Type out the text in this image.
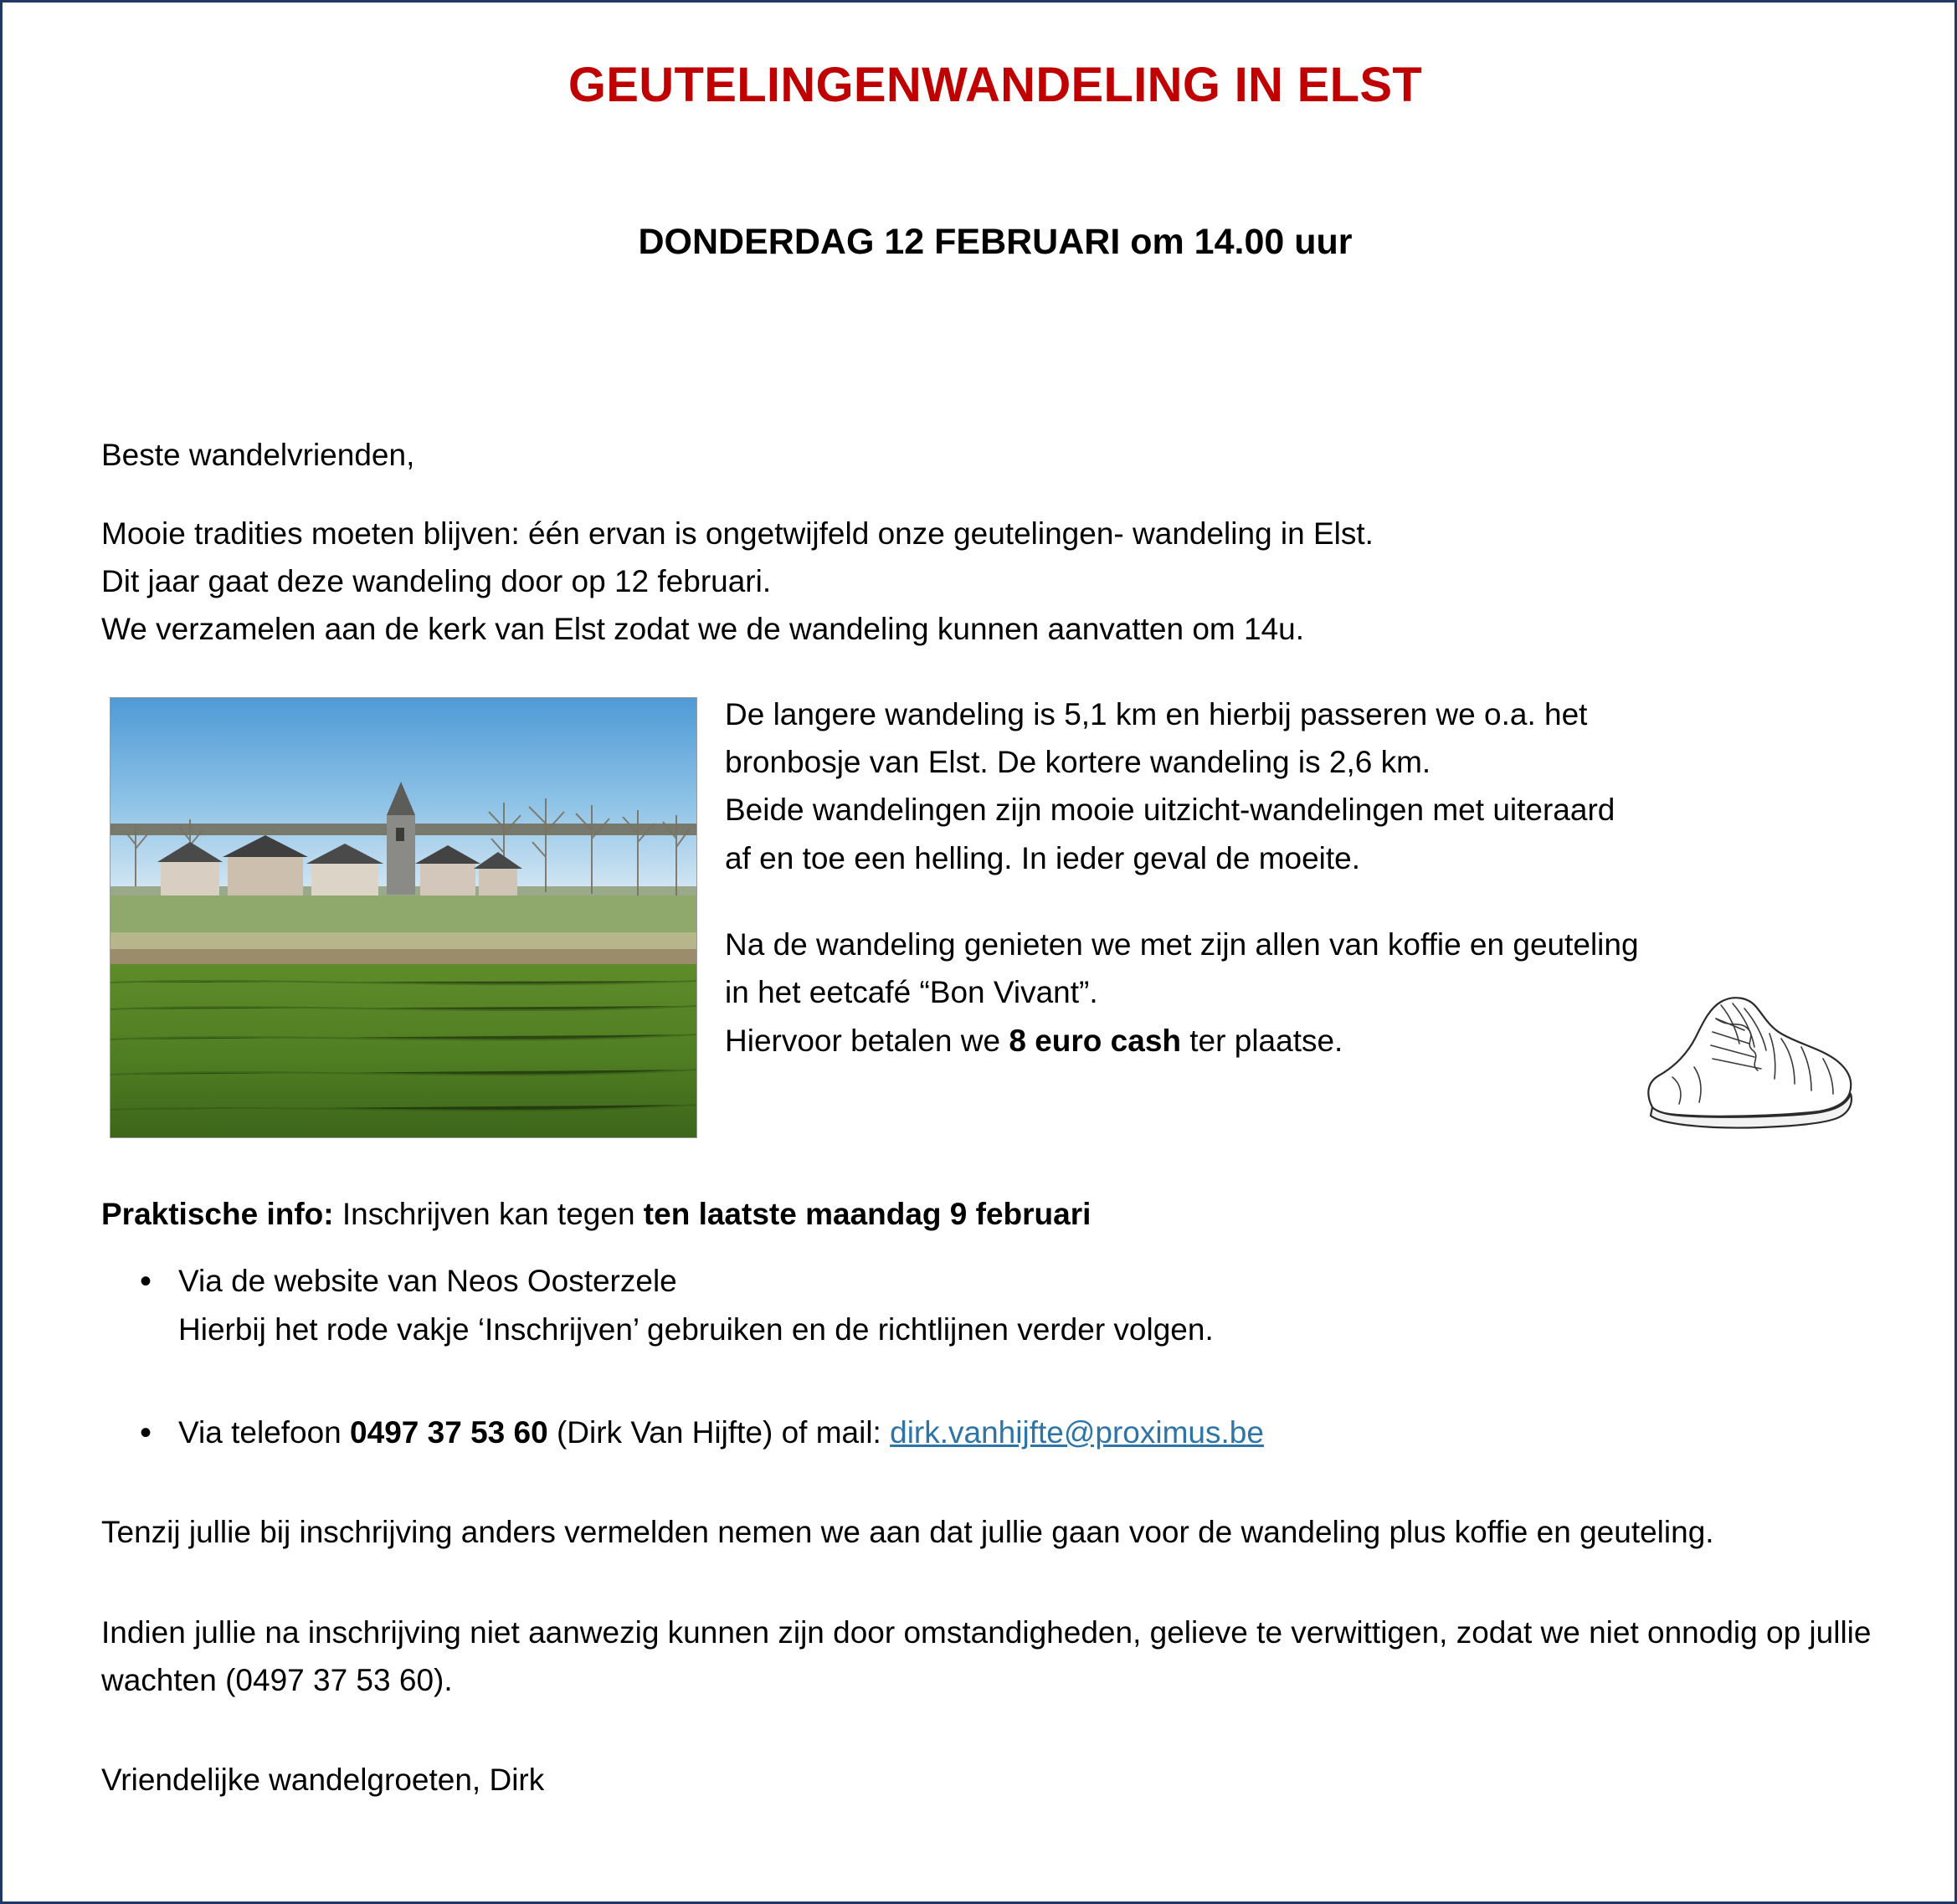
GEUTELINGENWANDELING IN ELST
DONDERDAG 12 FEBRUARI om 14.00 uur
Beste wandelvrienden,
Mooie tradities moeten blijven: één ervan is ongetwijfeld onze geutelingen- wandeling in Elst.
Dit jaar gaat deze wandeling door op 12 februari.
We verzamelen aan de kerk van Elst zodat we de wandeling kunnen aanvatten om 14u.

De langere wandeling is 5,1 km en hierbij passeren we o.a. het

bronbosje van Elst. De kortere wandeling is 2,6 km.

Beide wandelingen zijn mooie uitzicht-wandelingen met uiteraard

af en toe een helling. In ieder geval de moeite.

Na de wandeling genieten we met zijn allen van koffie en geuteling

in het eetcafé “Bon Vivant”.

Hiervoor betalen we 8 euro cash ter plaatse.

Praktische info: Inschrijven kan tegen ten laatste maandag 9 februari
• Via de website van Neos Oosterzele
Hierbij het rode vakje ‘Inschrijven’ gebruiken en de richtlijnen verder volgen.
• Via telefoon 0497 37 53 60 (Dirk Van Hijfte) of mail: dirk.vanhijfte@proximus.be

Tenzij jullie bij inschrijving anders vermelden nemen we aan dat jullie gaan voor de wandeling plus koffie en geuteling.

Indien jullie na inschrijving niet aanwezig kunnen zijn door omstandigheden, gelieve te verwittigen, zodat we niet onnodig op jullie wachten (0497 37 53 60).

Vriendelijke wandelgroeten, Dirk
